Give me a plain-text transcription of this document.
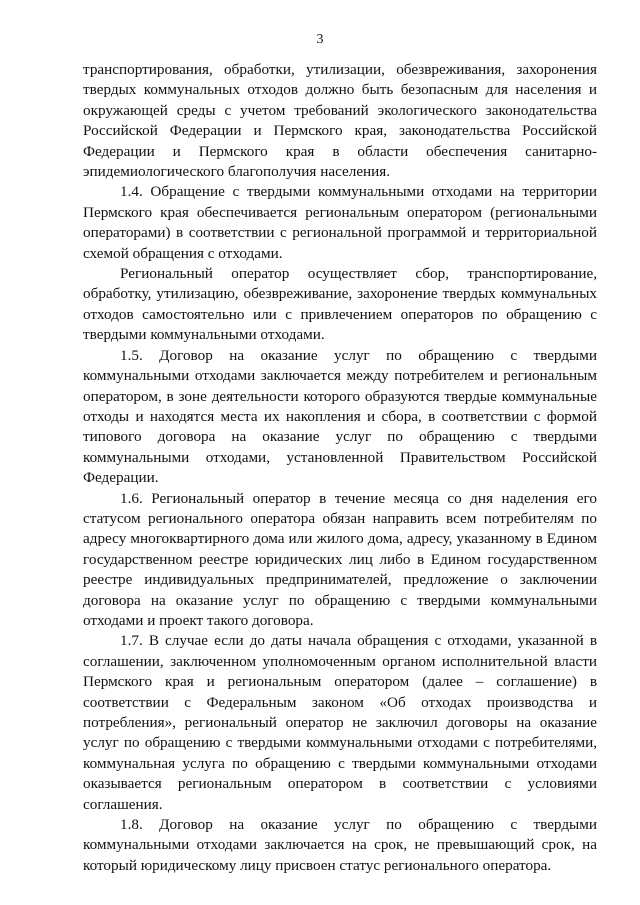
3

транспортирования, обработки, утилизации, обезвреживания, захоронения твердых коммунальных отходов должно быть безопасным для населения и окружающей среды с учетом требований экологического законодательства Российской Федерации и Пермского края, законодательства Российской Федерации и Пермского края в области обеспечения санитарно-эпидемиологического благополучия населения.

1.4. Обращение с твердыми коммунальными отходами на территории Пермского края обеспечивается региональным оператором (региональными операторами) в соответствии с региональной программой и территориальной схемой обращения с отходами.

Региональный оператор осуществляет сбор, транспортирование, обработку, утилизацию, обезвреживание, захоронение твердых коммунальных отходов самостоятельно или с привлечением операторов по обращению с твердыми коммунальными отходами.

1.5. Договор на оказание услуг по обращению с твердыми коммунальными отходами заключается между потребителем и региональным оператором, в зоне деятельности которого образуются твердые коммунальные отходы и находятся места их накопления и сбора, в соответствии с формой типового договора на оказание услуг по обращению с твердыми коммунальными отходами, установленной Правительством Российской Федерации.

1.6. Региональный оператор в течение месяца со дня наделения его статусом регионального оператора обязан направить всем потребителям по адресу многоквартирного дома или жилого дома, адресу, указанному в Едином государственном реестре юридических лиц либо в Едином государственном реестре индивидуальных предпринимателей, предложение о заключении договора на оказание услуг по обращению с твердыми коммунальными отходами и проект такого договора.

1.7. В случае если до даты начала обращения с отходами, указанной в соглашении, заключенном уполномоченным органом исполнительной власти Пермского края и региональным оператором (далее – соглашение) в соответствии с Федеральным законом «Об отходах производства и потребления», региональный оператор не заключил договоры на оказание услуг по обращению с твердыми коммунальными отходами с потребителями, коммунальная услуга по обращению с твердыми коммунальными отходами оказывается региональным оператором в соответствии с условиями соглашения.

1.8. Договор на оказание услуг по обращению с твердыми коммунальными отходами заключается на срок, не превышающий срок, на который юридическому лицу присвоен статус регионального оператора.
